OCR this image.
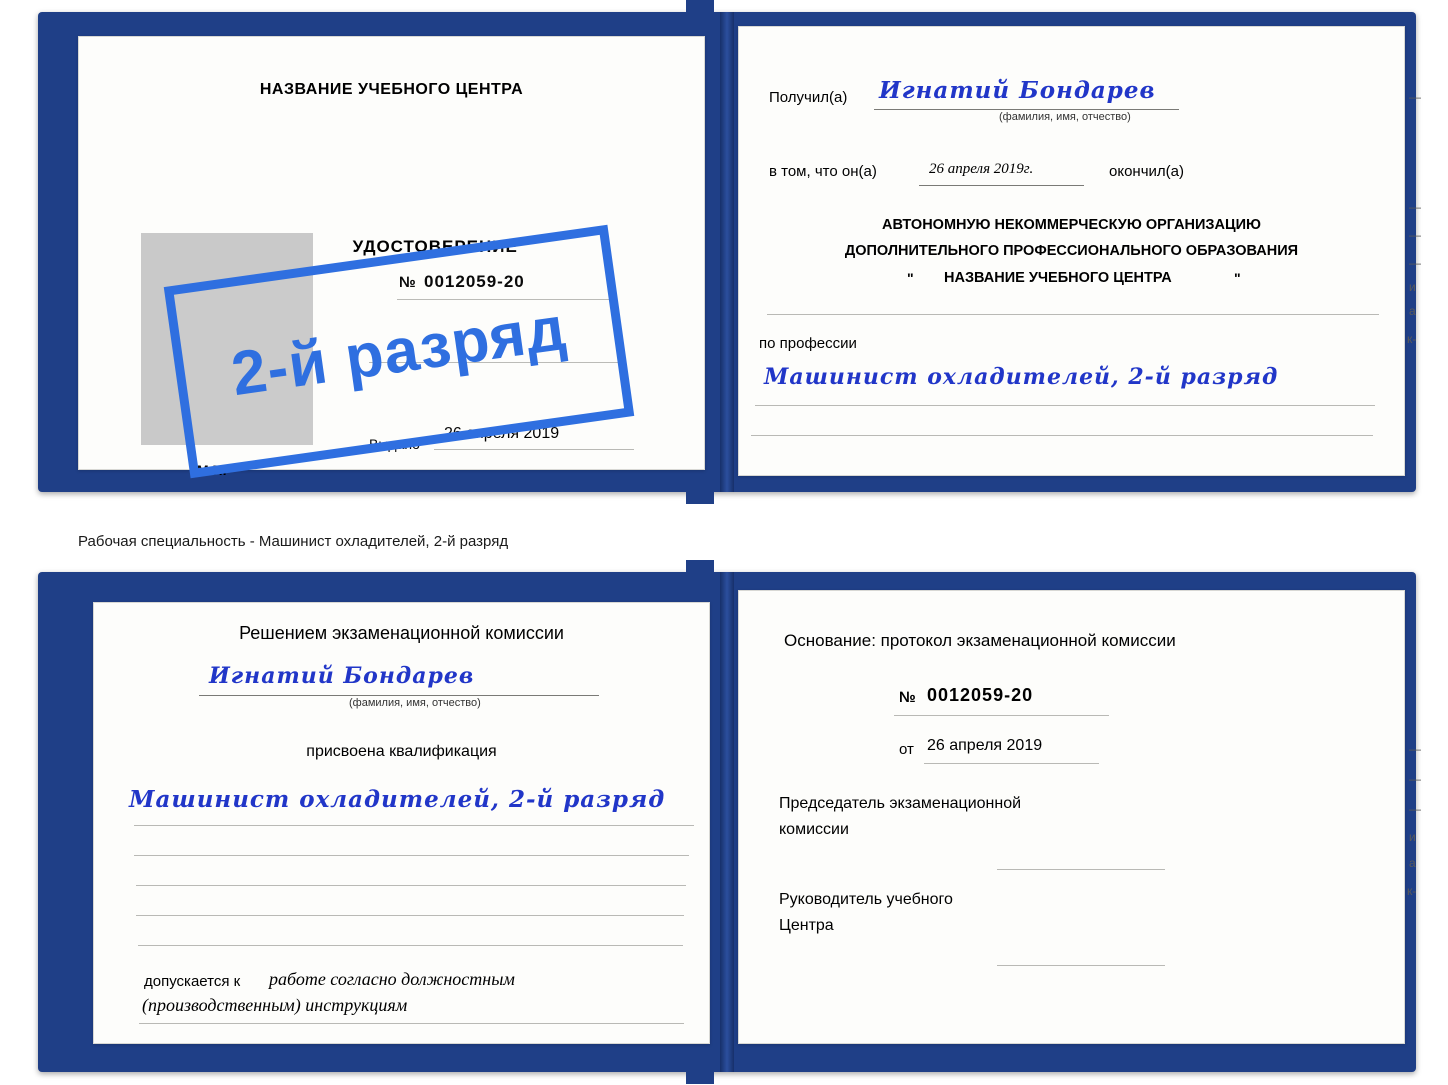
НАЗВАНИЕ УЧЕБНОГО ЦЕНТРА
УДОСТОВЕРЕНИЕ
№ 0012059-20
Выдано
26 апреля 2019
М.П.
Получил(а) Игнатий Бондарев
(фамилия, имя, отчество)
в том, что он(а)	26 апреля 2019г.	окончил(а)
АВТОНОМНУЮ НЕКОММЕРЧЕСКУЮ ОРГАНИЗАЦИЮ
ДОПОЛНИТЕЛЬНОГО ПРОФЕССИОНАЛЬНОГО ОБРАЗОВАНИЯ
" НАЗВАНИЕ УЧЕБНОГО ЦЕНТРА	"
по профессии
Машинист охладителей, 2-й разряд
—
—
—
—
и
а
к-
2-й разряд
Рабочая специальность - Машинист охладителей, 2-й разряд
Решением экзаменационной комиссии
Игнатий Бондарев
(фамилия, имя, отчество)
присвоена квалификация
Машинист охладителей, 2-й разряд
допускается к работе согласно должностным
(производственным) инструкциям
Основание: протокол экзаменационной комиссии
№ 0012059-20
от 26 апреля 2019
Председатель экзаменационной
комиссии
Руководитель учебного
Центра
—
—
—
и
а
к-
